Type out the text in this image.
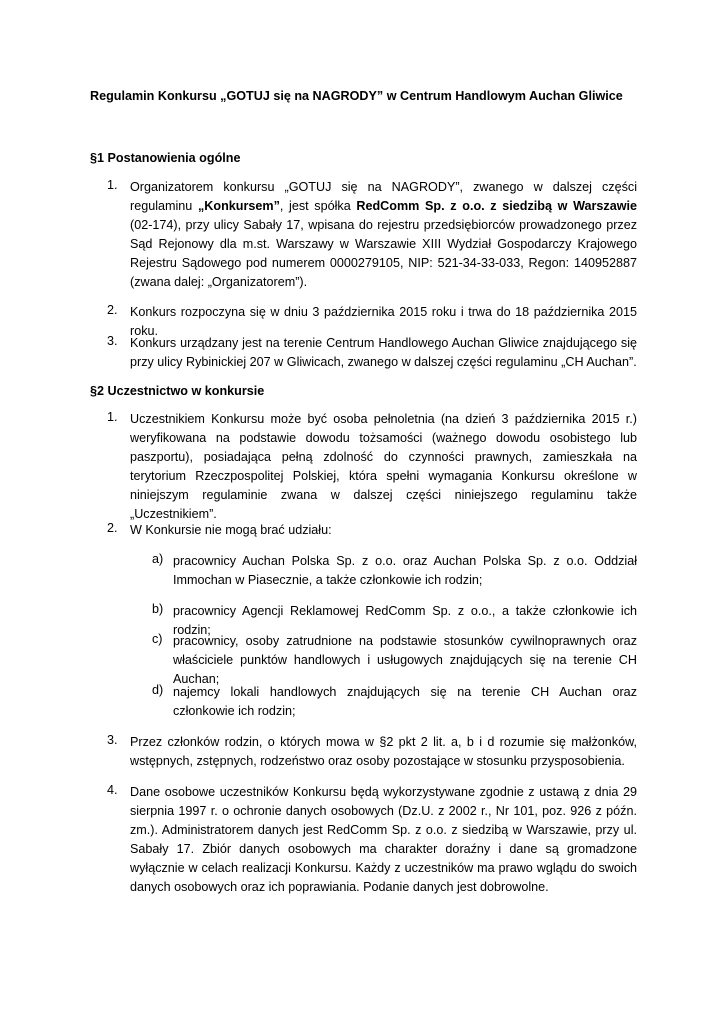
Regulamin Konkursu „GOTUJ się na NAGRODY” w Centrum Handlowym Auchan Gliwice
§1 Postanowienia ogólne
1. Organizatorem konkursu „GOTUJ się na NAGRODY”, zwanego w dalszej części regulaminu „Konkursem”, jest spółka RedComm Sp. z o.o. z siedzibą w Warszawie (02-174), przy ulicy Sabały 17, wpisana do rejestru przedsiębiorców prowadzonego przez Sąd Rejonowy dla m.st. Warszawy w Warszawie XIII Wydział Gospodarczy Krajowego Rejestru Sądowego pod numerem 0000279105, NIP: 521-34-33-033, Regon: 140952887 (zwana dalej: „Organizatorem”).
2. Konkurs rozpoczyna się w dniu 3 października 2015 roku i trwa do 18 października 2015 roku.
3. Konkurs urządzany jest na terenie Centrum Handlowego Auchan Gliwice znajdującego się przy ulicy Rybinickiej 207 w Gliwicach, zwanego w dalszej części regulaminu „CH Auchan”.
§2 Uczestnictwo w konkursie
1. Uczestnikiem Konkursu może być osoba pełnoletnia (na dzień 3 października 2015 r.) weryfikowana na podstawie dowodu tożsamości (ważnego dowodu osobistego lub paszportu), posiadająca pełną zdolność do czynności prawnych, zamieszkała na terytorium Rzeczpospolitej Polskiej, która spełni wymagania Konkursu określone w niniejszym regulaminie zwana w dalszej części niniejszego regulaminu także „Uczestnikiem”.
2. W Konkursie nie mogą brać udziału:
a) pracownicy Auchan Polska Sp. z o.o. oraz Auchan Polska Sp. z o.o. Oddział Immochan w Piasecznie, a także członkowie ich rodzin;
b) pracownicy Agencji Reklamowej RedComm Sp. z o.o., a także członkowie ich rodzin;
c) pracownicy, osoby zatrudnione na podstawie stosunków cywilnoprawnych oraz właściciele punktów handlowych i usługowych znajdujących się na terenie CH Auchan;
d) najemcy lokali handlowych znajdujących się na terenie CH Auchan oraz członkowie ich rodzin;
3. Przez członków rodzin, o których mowa w §2 pkt 2 lit. a, b i d rozumie się małżonków, wstępnych, zstępnych, rodzeństwo oraz osoby pozostające w stosunku przysposobienia.
4. Dane osobowe uczestników Konkursu będą wykorzystywane zgodnie z ustawą z dnia 29 sierpnia 1997 r. o ochronie danych osobowych (Dz.U. z 2002 r., Nr 101, poz. 926 z późn. zm.). Administratorem danych jest RedComm Sp. z o.o. z siedzibą w Warszawie, przy ul. Sabały 17. Zbiór danych osobowych ma charakter doraźny i dane są gromadzone wyłącznie w celach realizacji Konkursu. Każdy z uczestników ma prawo wglądu do swoich danych osobowych oraz ich poprawiania. Podanie danych jest dobrowolne.
